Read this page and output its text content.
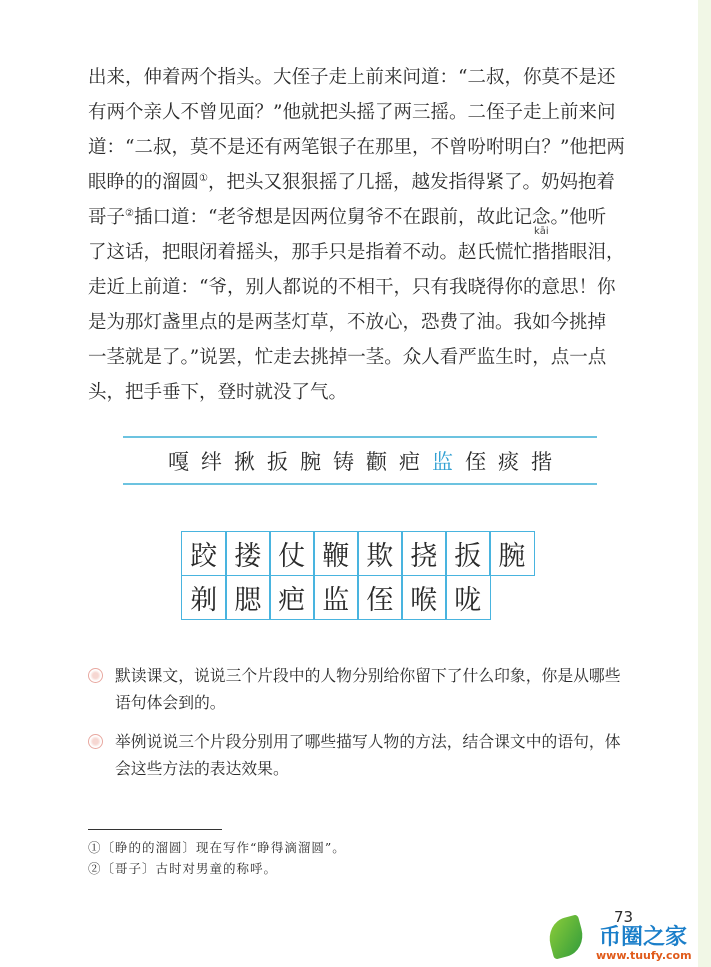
出来，伸着两个指头。大侄子走上前来问道：“二叔，你莫不是还
有两个亲人不曾见面？”他就把头摇了两三摇。二侄子走上前来问
道：“二叔，莫不是还有两笔银子在那里，不曾吩咐明白？”他把两
眼睁的的溜圆①，把头又狠狠摇了几摇，越发指得紧了。奶妈抱着
哥子②插口道：“老爷想是因两位舅爷不在跟前，故此记念
kāi
。”他听
了这话，把眼闭着摇头，那手只是指着不动。赵氏慌忙揩揩眼泪，
走近上前道：“爷，别人都说的不相干，只有我晓得你的意思！你
是为那灯盏里点的是两茎灯草，不放心，恐费了油。我如今挑掉
一茎就是了。”说罢，忙走去挑掉一茎。众人看严监生时，点一点
头，把手垂下，登时就没了气。
嘎 绊 揪 扳 腕 铸 颧 疤 监 侄 痰 揩
跤 搂 仗 鞭 欺 挠 扳 腕
剃 腮 疤 监 侄 喉 咙
默读课文，说说三个片段中的人物分别给你留下了什么印象，你是从哪些
语句体会到的。
举例说说三个片段分别用了哪些描写人物的方法，结合课文中的语句，体
会这些方法的表达效果。
①〔睁的的溜圆〕现在写作“睁得滴溜圆”。
②〔哥子〕古时对男童的称呼。
73
币圈之家
www.tuufy.com
